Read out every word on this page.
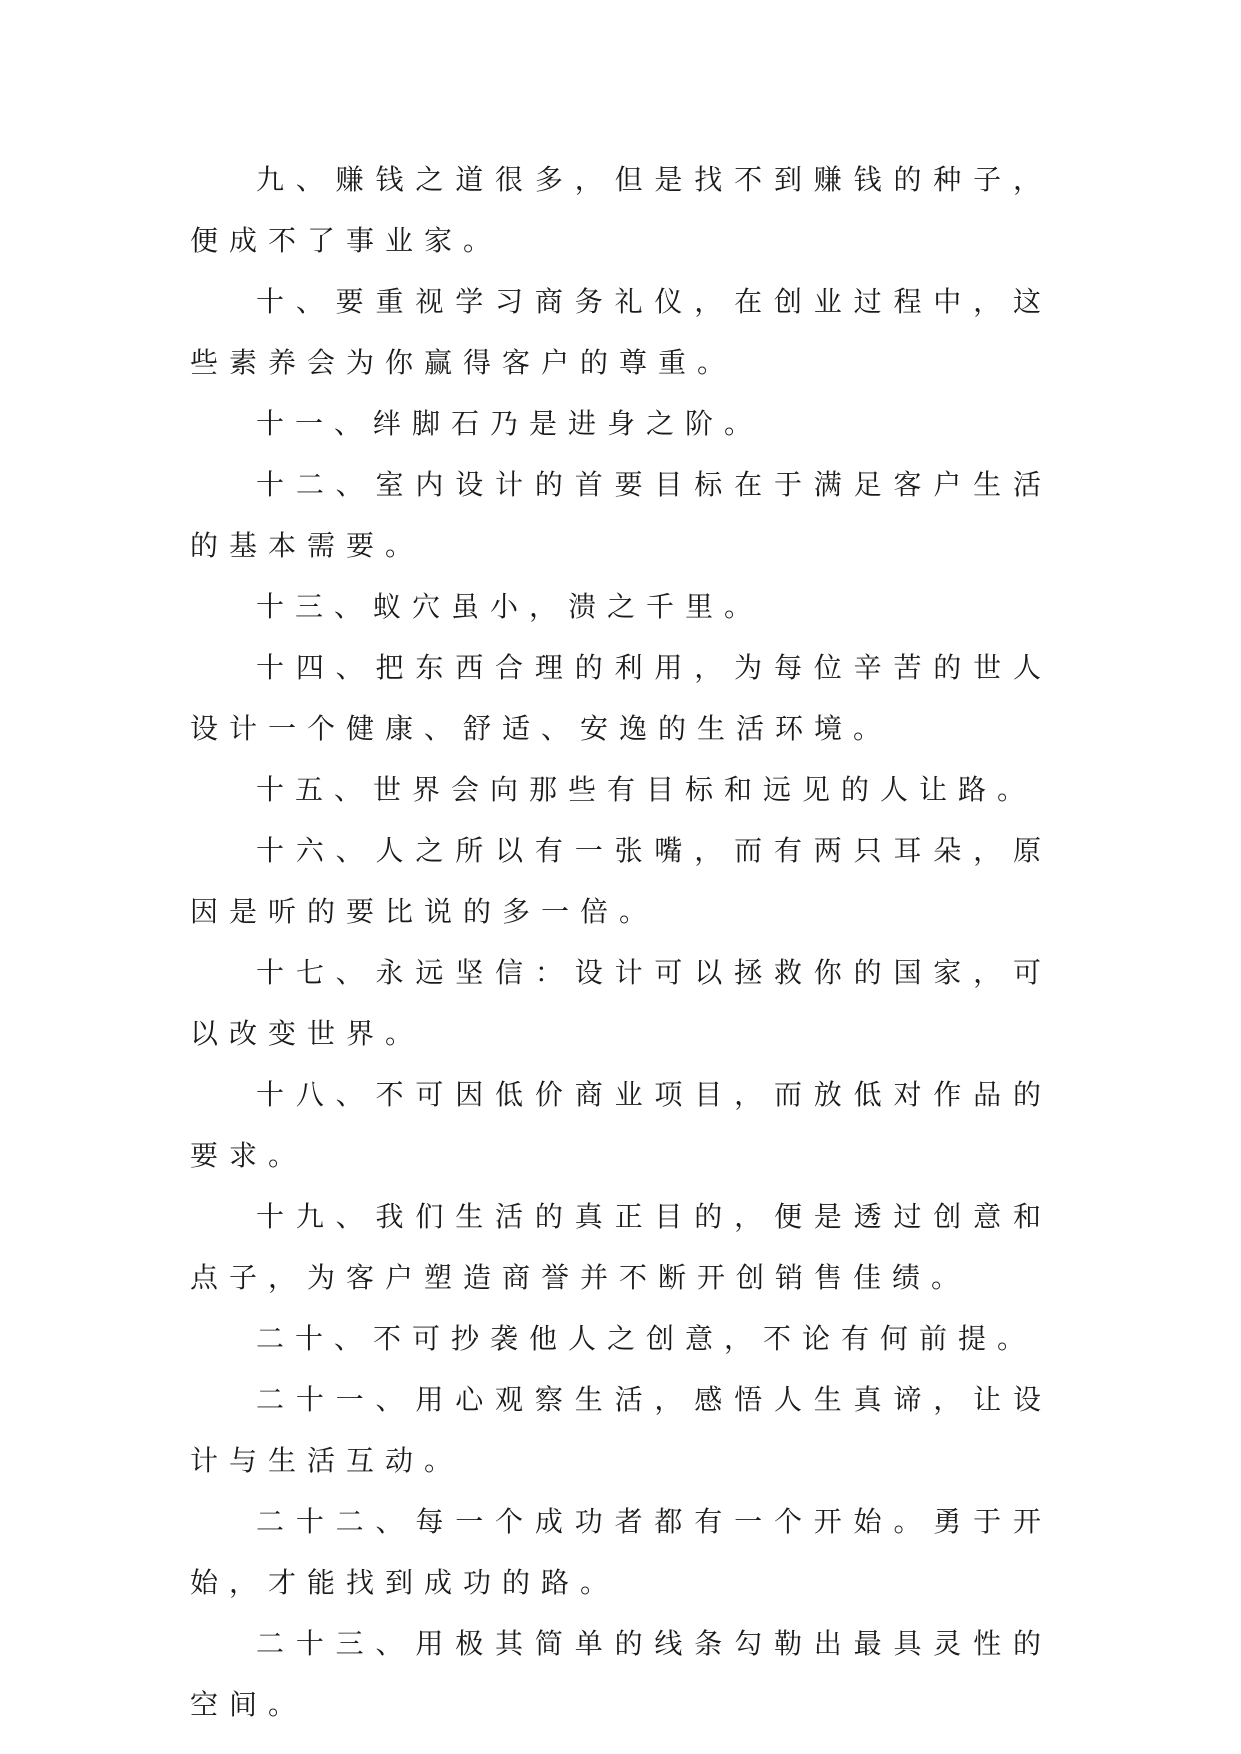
九、赚钱之道很多，但是找不到赚钱的种子，便成不了事业家。

十、要重视学习商务礼仪，在创业过程中，这些素养会为你赢得客户的尊重。

十一、绊脚石乃是进身之阶。

十二、室内设计的首要目标在于满足客户生活的基本需要。

十三、蚁穴虽小，溃之千里。

十四、把东西合理的利用，为每位辛苦的世人设计一个健康、舒适、安逸的生活环境。

十五、世界会向那些有目标和远见的人让路。

十六、人之所以有一张嘴，而有两只耳朵，原因是听的要比说的多一倍。

十七、永远坚信：设计可以拯救你的国家，可以改变世界。

十八、不可因低价商业项目，而放低对作品的要求。

十九、我们生活的真正目的，便是透过创意和点子，为客户塑造商誉并不断开创销售佳绩。

二十、不可抄袭他人之创意，不论有何前提。

二十一、用心观察生活，感悟人生真谛，让设计与生活互动。

二十二、每一个成功者都有一个开始。勇于开始，才能找到成功的路。

二十三、用极其简单的线条勾勒出最具灵性的空间。
